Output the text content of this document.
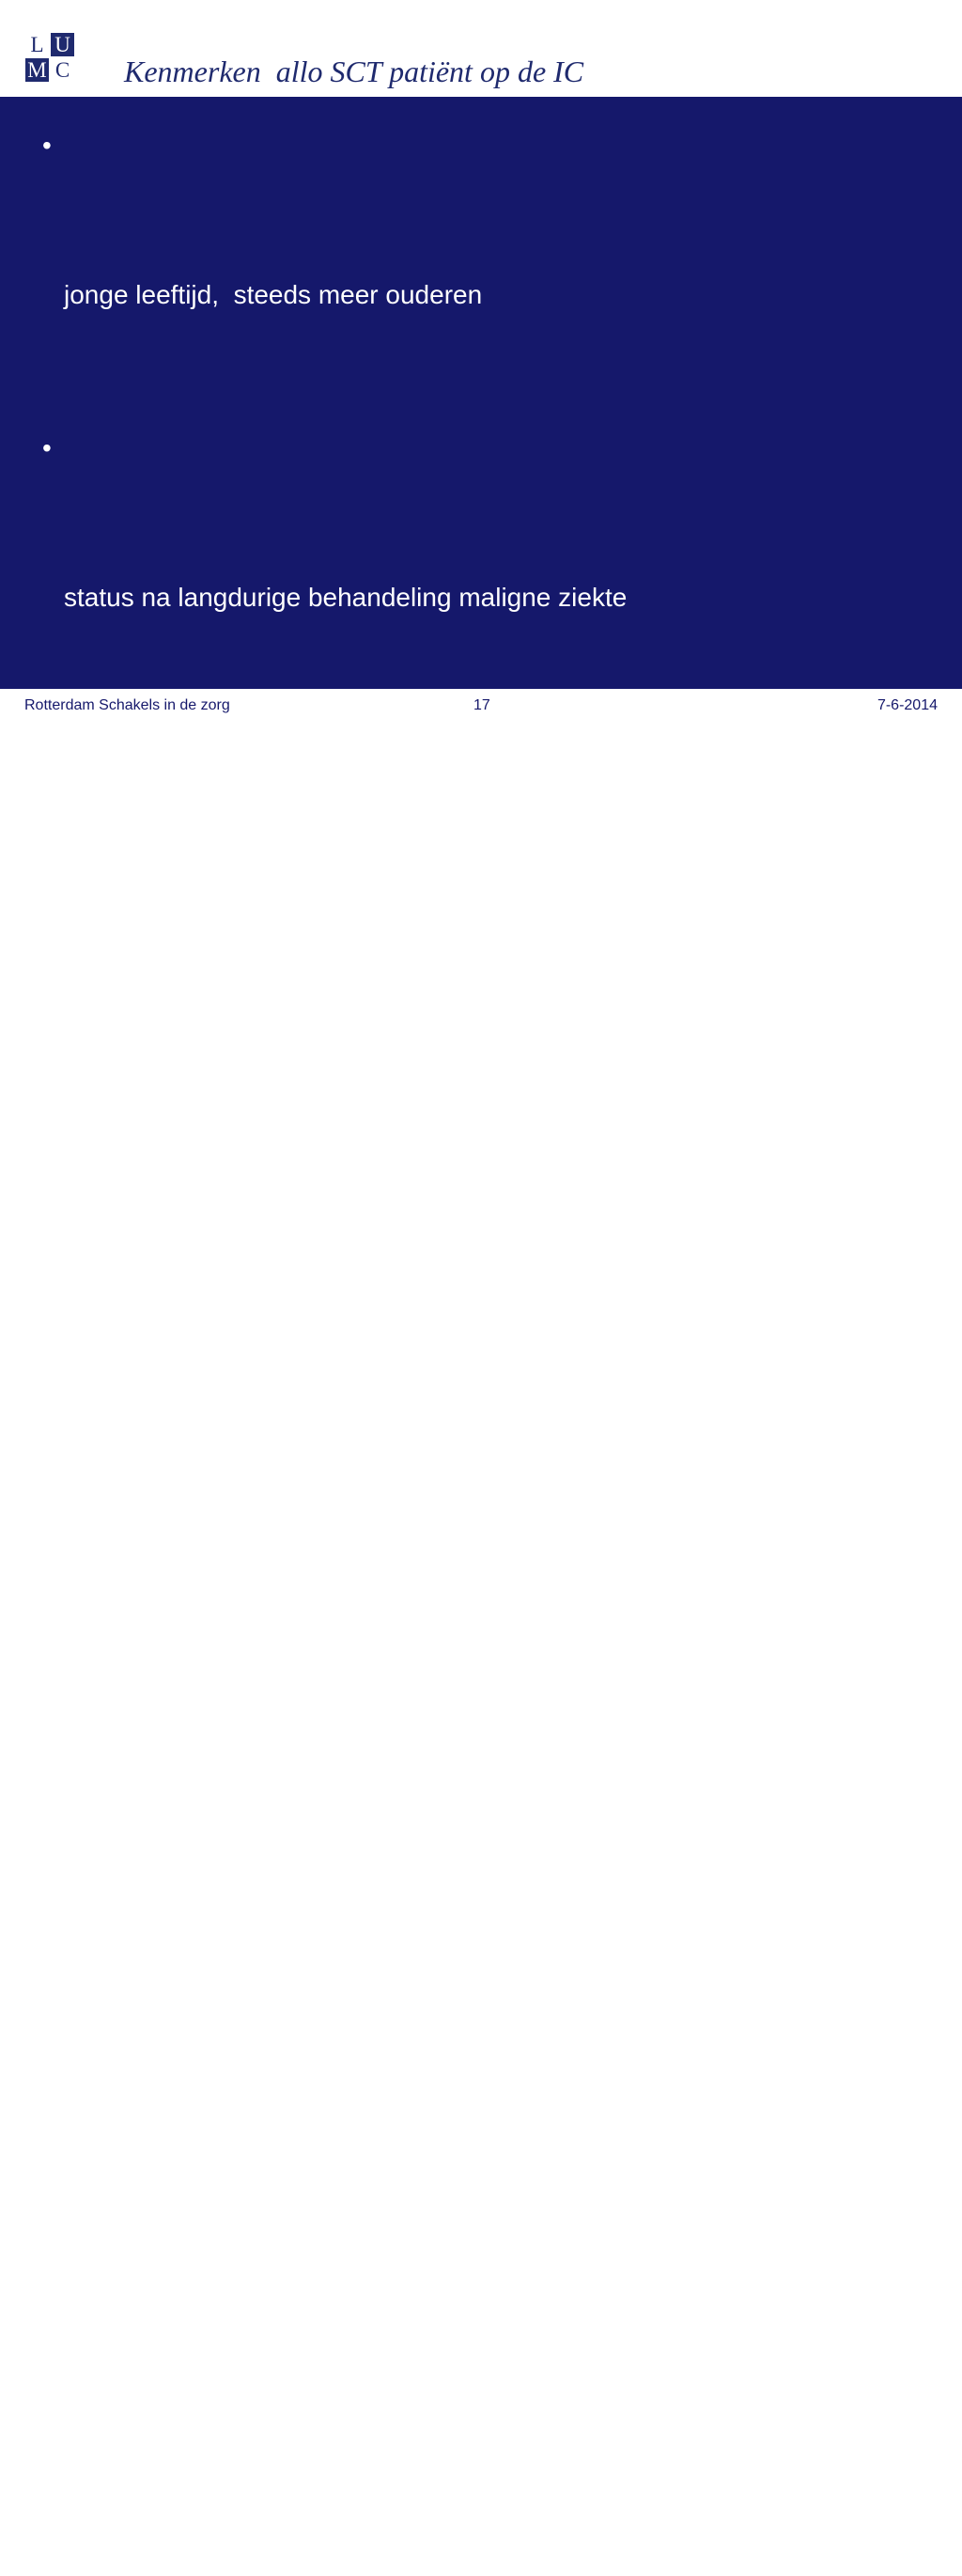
L U
M C Kenmerken  allo SCT patiënt op de IC

•

jonge leeftijd,  steeds meer ouderen

•

status na langdurige behandeling maligne ziekte

•

relatief zeldzame onderliggende maligne ziekte  /

experimentele  behandelingen.

•

immuungecompromitteerd, vooral gestoorde T-celfunctie

opportunistische infecties ( aspergillus) ,

•

virale infecties CMV, EBV  cave post transplantation

lymfoma disease (PTLD)

•

behandelingen toxisch , immuunsupressief (prednison),

slijmvliesschade

Rotterdam Schakels in de zorg	17	7-6-2014
